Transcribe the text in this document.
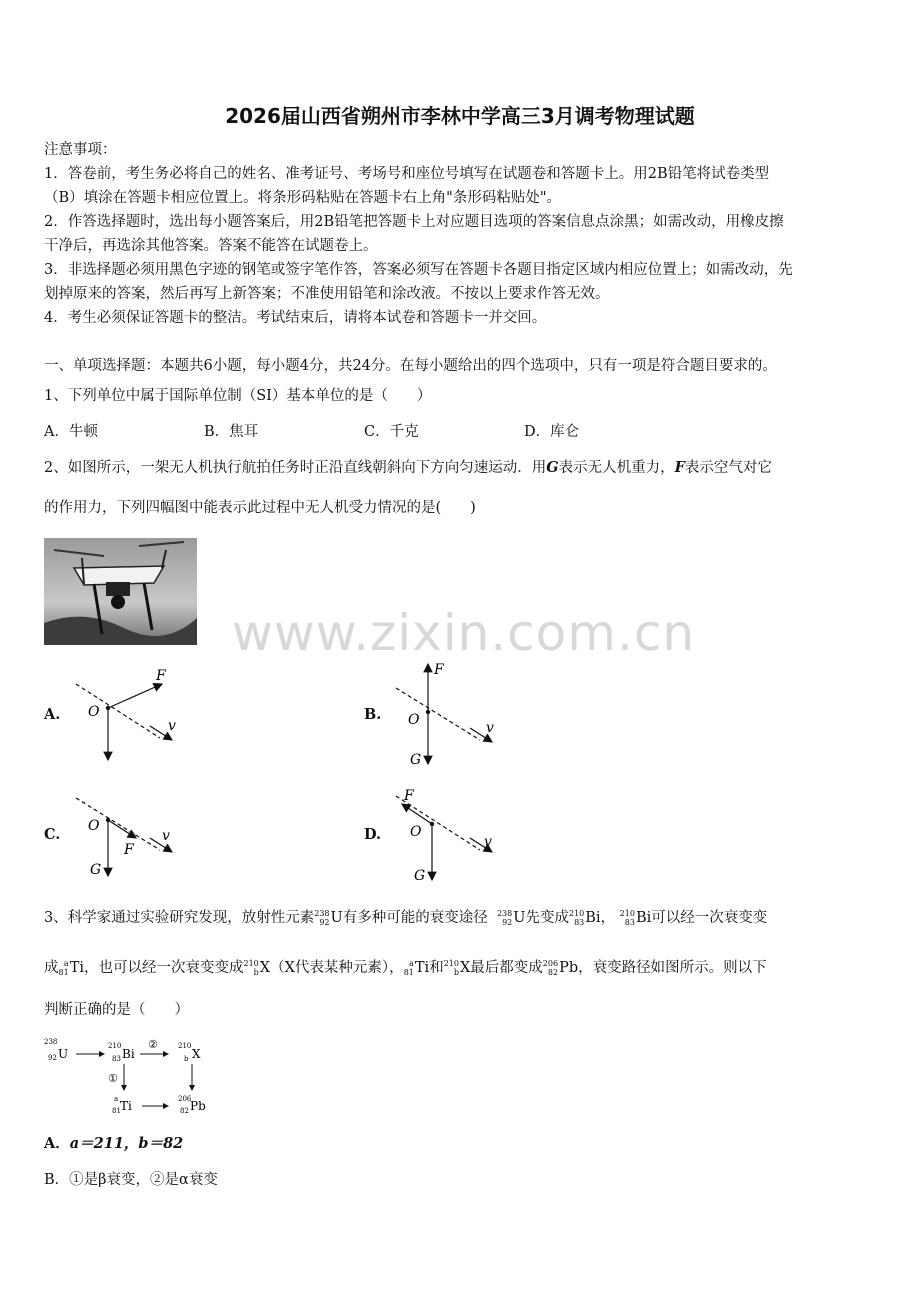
2026届山西省朔州市李林中学高三3月调考物理试题
注意事项：
1．答卷前，考生务必将自己的姓名、准考证号、考场号和座位号填写在试题卷和答题卡上。用2B铅笔将试卷类型
（B）填涂在答题卡相应位置上。将条形码粘贴在答题卡右上角"条形码粘贴处"。
2．作答选择题时，选出每小题答案后，用2B铅笔把答题卡上对应题目选项的答案信息点涂黑；如需改动，用橡皮擦
干净后，再选涂其他答案。答案不能答在试题卷上。
3．非选择题必须用黑色字迹的钢笔或签字笔作答，答案必须写在答题卡各题目指定区域内相应位置上；如需改动，先
划掉原来的答案，然后再写上新答案；不准使用铅笔和涂改液。不按以上要求作答无效。
4．考生必须保证答题卡的整洁。考试结束后，请将本试卷和答题卡一并交回。
一、单项选择题：本题共6小题，每小题4分，共24分。在每小题给出的四个选项中，只有一项是符合题目要求的。
1、下列单位中属于国际单位制（SI）基本单位的是（　　）
A．牛顿	B．焦耳	C．千克	D．库仑
2、如图所示，一架无人机执行航拍任务时正沿直线朝斜向下方向匀速运动．用G表示无人机重力，F表示空气对它
的作用力，下列四幅图中能表示此过程中无人机受力情况的是(　　)
www.zixin.com.cn
A. O
F
v
B. O
F
G
v
C. O
F
G
v	D. O
F
G
v
3、科学家通过实验研究发现，放射性元素238
92U有多种可能的衰变途径 238
92U先变成210
83Bi， 210
83Bi可以经一次衰变变
成 a
81Ti，也可以经一次衰变变成210
bX（X代表某种元素）， a
81Ti和210
bX最后都变成206
82Pb，衰变路径如图所示。则以下
判断正确的是（　　）
238
92 U
210
83 Bi
②	210
b X
①
a
81 Ti	206
82 Pb
A．a＝211，b＝82
B．①是β衰变，②是α衰变
